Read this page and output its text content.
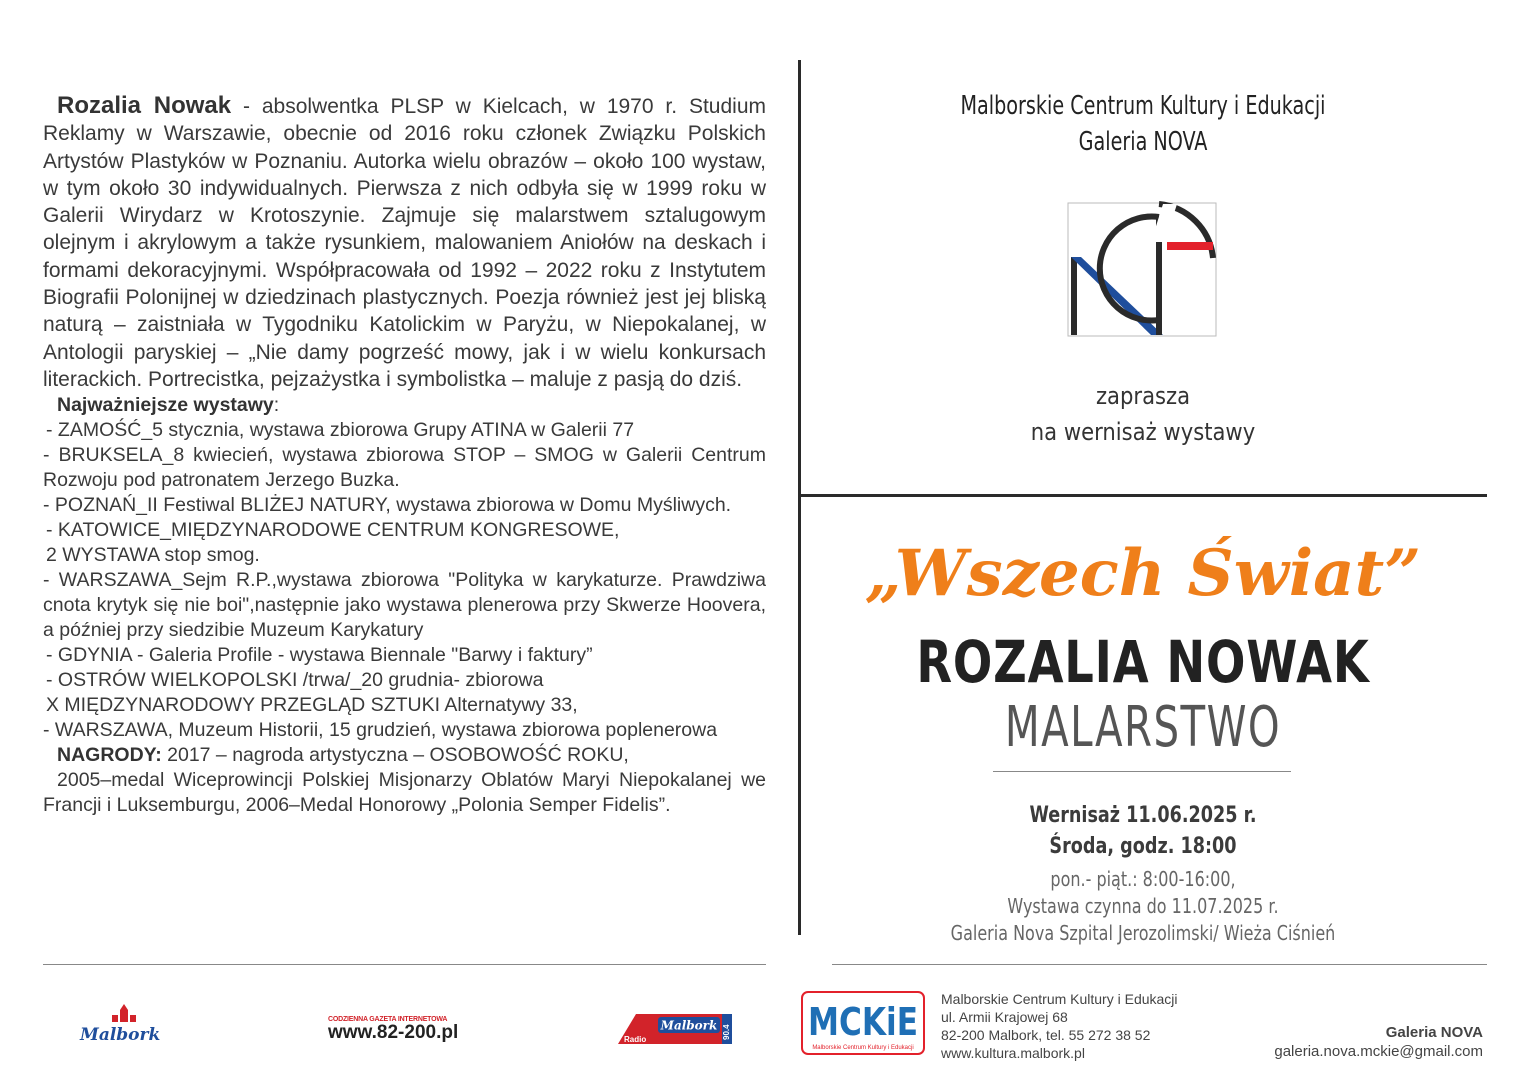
Rozalia Nowak - absolwentka PLSP w Kielcach, w 1970 r. Studium Reklamy w Warszawie, obecnie od 2016 roku członek Związku Polskich Artystów Plastyków w Poznaniu. Autorka wielu obrazów – około 100 wystaw, w tym około 30 indywidualnych. Pierwsza z nich odbyła się w 1999 roku w Galerii Wirydarz w Krotoszynie. Zajmuje się malarstwem sztalugowym olejnym i akrylowym a także rysunkiem, malowaniem Aniołów na deskach i formami dekoracyjnymi. Współpracowała od 1992 – 2022 roku z Instytutem Biografii Polonijnej w dziedzinach plastycznych. Poezja również jest jej bliską naturą – zaistniała w Tygodniku Katolickim w Paryżu, w Niepokalanej, w Antologii paryskiej – „Nie damy pogrześć mowy, jak i w wielu konkursach literackich. Portrecistka, pejzażystka i symbolistka – maluje z pasją do dziś.

Najważniejsze wystawy:

- ZAMOŚĆ_5 stycznia, wystawa zbiorowa Grupy ATINA w Galerii 77

- BRUKSELA_8 kwiecień, wystawa zbiorowa STOP – SMOG w Galerii Centrum Rozwoju pod patronatem Jerzego Buzka.

- POZNAŃ_II Festiwal BLIŻEJ NATURY, wystawa zbiorowa w Domu Myśliwych.

- KATOWICE_MIĘDZYNARODOWE CENTRUM KONGRESOWE,

2 WYSTAWA stop smog.

- WARSZAWA_Sejm R.P.,wystawa zbiorowa "Polityka w karykaturze. Prawdziwa cnota krytyk się nie boi",następnie jako wystawa plenerowa przy Skwerze Hoovera, a później przy siedzibie Muzeum Karykatury

- GDYNIA - Galeria Profile - wystawa Biennale "Barwy i faktury”

- OSTRÓW WIELKOPOLSKI /trwa/_20 grudnia- zbiorowa

X MIĘDZYNARODOWY PRZEGLĄD SZTUKI Alternatywy 33,

- WARSZAWA, Muzeum Historii, 15 grudzień, wystawa zbiorowa poplenerowa

NAGRODY: 2017 – nagroda artystyczna – OSOBOWOŚĆ ROKU,

2005–medal Wiceprowincji Polskiej Misjonarzy Oblatów Maryi Niepokalanej we Francji i Luksemburgu, 2006–Medal Honorowy „Polonia Semper Fidelis”.

Malborskie Centrum Kultury i Edukacji
Galeria NOVA
zaprasza
na wernisaż wystawy
„Wszech Świat”
ROZALIA NOWAK
MALARSTWO
Wernisaż 11.06.2025 r.
Środa, godz. 18:00
pon.- piąt.: 8:00-16:00,
Wystawa czynna do 11.07.2025 r.
Galeria Nova Szpital Jerozolimski/ Wieża Ciśnień
Malbork
CODZIENNA GAZETA INTERNETOWA
www.82-200.pl	Malbork
Radio	90.4 MCKiE
Malborskie Centrum Kultury i Edukacji
Malborskie Centrum Kultury i Edukacji
ul. Armii Krajowej 68
82-200 Malbork, tel. 55 272 38 52
www.kultura.malbork.pl
Galeria NOVA
galeria.nova.mckie@gmail.com
